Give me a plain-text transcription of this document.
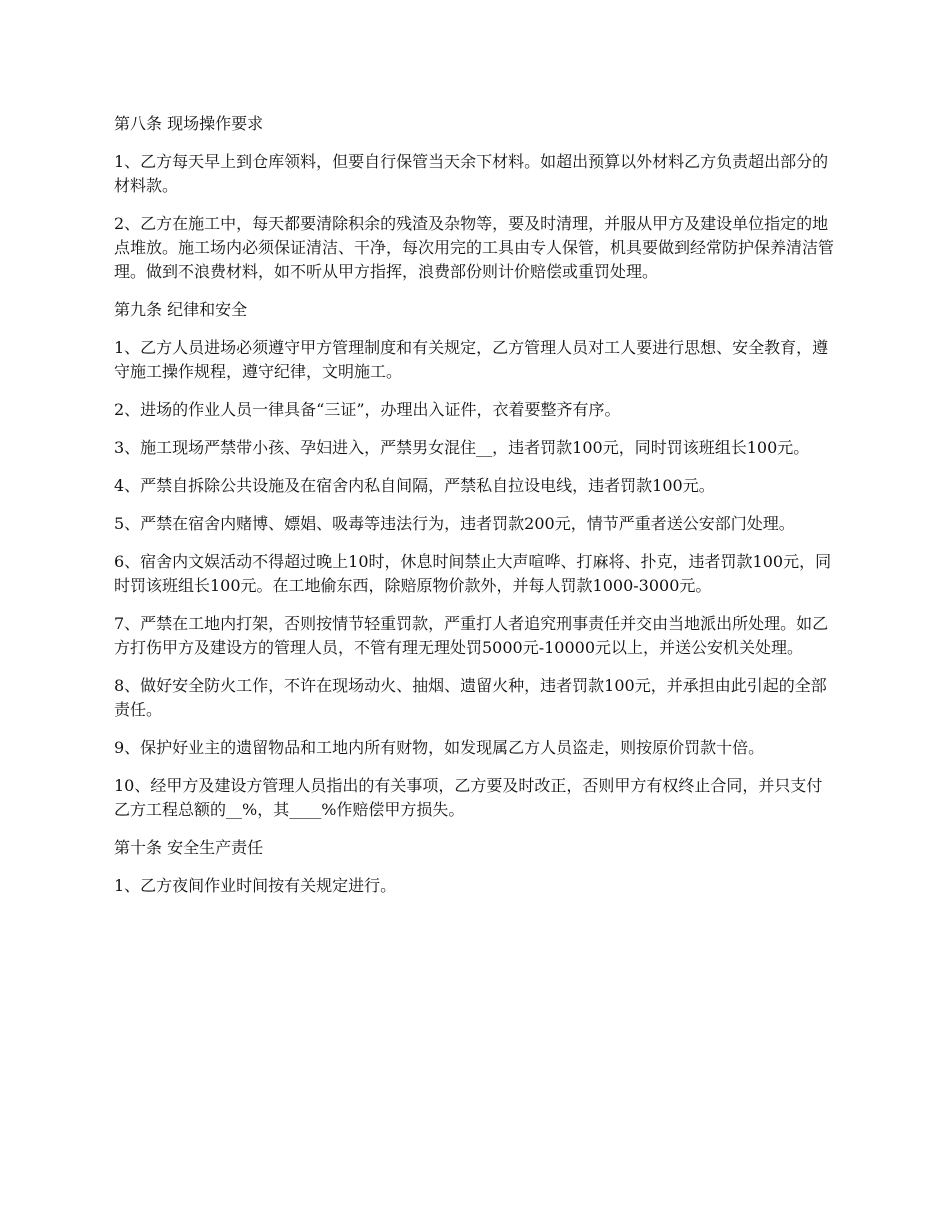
第八条 现场操作要求

1、乙方每天早上到仓库领料，但要自行保管当天余下材料。如超出预算以外材料乙方负责超出部分的材料款。

2、乙方在施工中，每天都要清除积余的残渣及杂物等，要及时清理，并服从甲方及建设单位指定的地点堆放。施工场内必须保证清洁、干净，每次用完的工具由专人保管，机具要做到经常防护保养清洁管理。做到不浪费材料，如不听从甲方指挥，浪费部份则计价赔偿或重罚处理。

第九条 纪律和安全

1、乙方人员进场必须遵守甲方管理制度和有关规定，乙方管理人员对工人要进行思想、安全教育，遵守施工操作规程，遵守纪律，文明施工。

2、进场的作业人员一律具备“三证”，办理出入证件，衣着要整齐有序。

3、施工现场严禁带小孩、孕妇进入，严禁男女混住__，违者罚款100元，同时罚该班组长100元。

4、严禁自拆除公共设施及在宿舍内私自间隔，严禁私自拉设电线，违者罚款100元。

5、严禁在宿舍内赌博、嫖娼、吸毒等违法行为，违者罚款200元，情节严重者送公安部门处理。

6、宿舍内文娱活动不得超过晚上10时，休息时间禁止大声喧哗、打麻将、扑克，违者罚款100元，同时罚该班组长100元。在工地偷东西，除赔原物价款外，并每人罚款1000-3000元。

7、严禁在工地内打架，否则按情节轻重罚款，严重打人者追究刑事责任并交由当地派出所处理。如乙方打伤甲方及建设方的管理人员，不管有理无理处罚5000元-10000元以上，并送公安机关处理。

8、做好安全防火工作，不许在现场动火、抽烟、遗留火种，违者罚款100元，并承担由此引起的全部责任。

9、保护好业主的遗留物品和工地内所有财物，如发现属乙方人员盗走，则按原价罚款十倍。

10、经甲方及建设方管理人员指出的有关事项，乙方要及时改正，否则甲方有权终止合同，并只支付乙方工程总额的__%，其____%作赔偿甲方损失。

第十条 安全生产责任

1、乙方夜间作业时间按有关规定进行。
